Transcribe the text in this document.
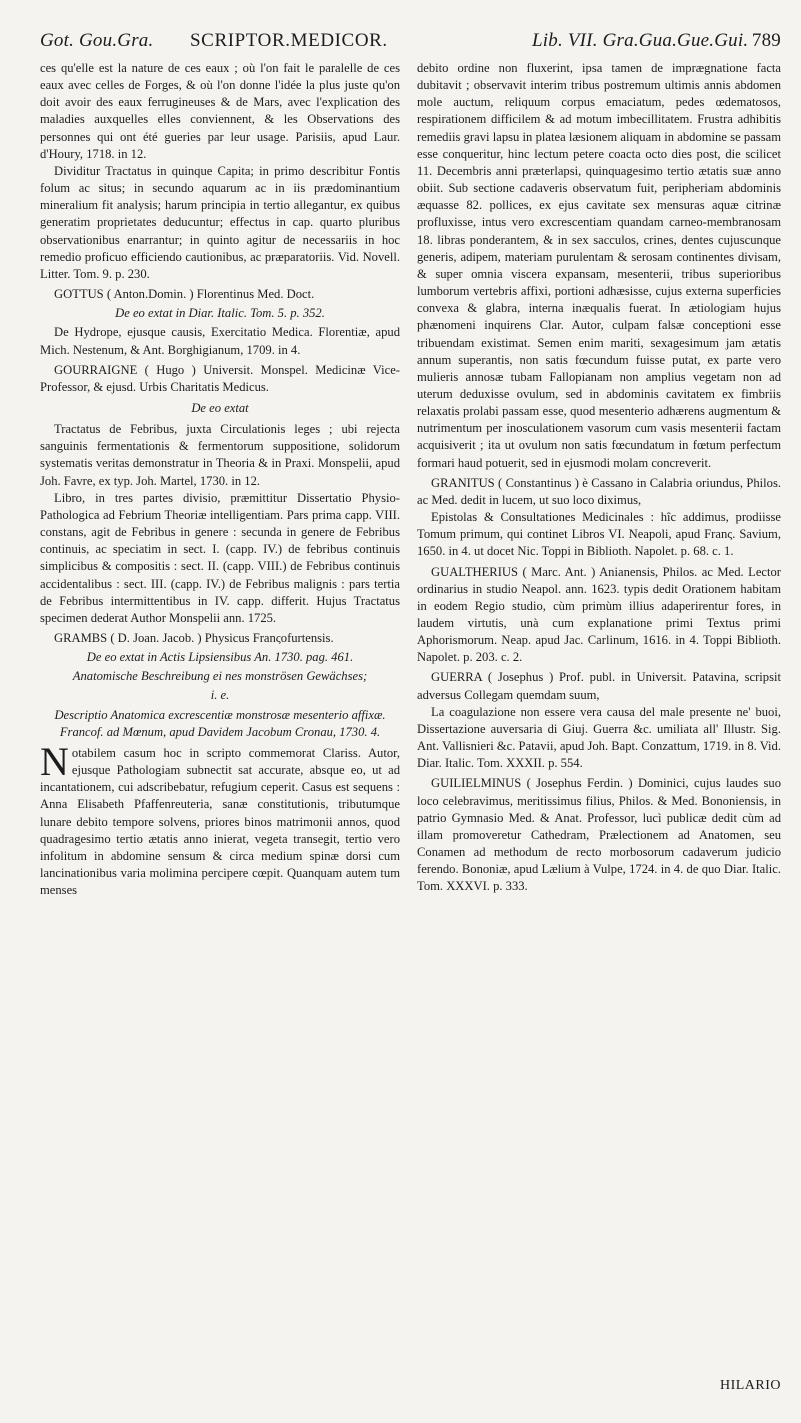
Got. Gou.Gra. SCRIPTOR.MEDICOR.	Lib. VII. Gra.Gua.Gue.Gui. 789

ces qu'elle est la nature de ces eaux ; où l'on fait le paralelle de ces eaux avec celles de Forges, & où l'on donne l'idée la plus juste qu'on doit avoir des eaux ferrugineuses & de Mars, avec l'explication des maladies auxquelles elles conviennent, & les Observations des personnes qui ont été gueries par leur usage. Parisiis, apud Laur. d'Houry, 1718. in 12.

Dividitur Tractatus in quinque Capita; in primo describitur Fontis folum ac situs; in secundo aquarum ac in iis prædominantium mineralium fit analysis; harum principia in tertio allegantur, ex quibus generatim proprietates deducuntur; effectus in cap. quarto pluribus observationibus enarrantur; in quinto agitur de necessariis in hoc remedio proficuo efficiendo cautionibus, ac præparatoriis. Vid. Novell. Litter. Tom. 9. p. 230.

GOTTUS ( Anton.Domin. ) Florentinus Med. Doct.

De eo extat in Diar. Italic. Tom. 5. p. 352.

De Hydrope, ejusque causis, Exercitatio Medica. Florentiæ, apud Mich. Nestenum, & Ant. Borghigianum, 1709. in 4.

GOURRAIGNE ( Hugo ) Universit. Monspel. Medicinæ Vice-Professor, & ejusd. Urbis Charitatis Medicus.

De eo extat

Tractatus de Febribus, juxta Circulationis leges ; ubi rejecta sanguinis fermentationis & fermentorum suppositione, solidorum systematis veritas demonstratur in Theoria & in Praxi. Monspelii, apud Joh. Favre, ex typ. Joh. Martel, 1730. in 12.

Libro, in tres partes divisio, præmittitur Dissertatio Physio-Pathologica ad Febrium Theoriæ intelligentiam. Pars prima capp. VIII. constans, agit de Febribus in genere : secunda in genere de Febribus continuis, ac speciatim in sect. I. (capp. IV.) de febribus continuis simplicibus & compositis : sect. II. (capp. VIII.) de Febribus continuis accidentalibus : sect. III. (capp. IV.) de Febribus malignis : pars tertia de Febribus intermittentibus in IV. capp. differit. Hujus Tractatus specimen dederat Author Monspelii ann. 1725.

GRAMBS ( D. Joan. Jacob. ) Physicus Franςofurtensis.

De eo extat in Actis Lipsiensibus An. 1730. pag. 461.

Anatomische Beschreibung ei nes monströsen Gewächses;

i. e.

Descriptio Anatomica excrescentiæ monstrosæ mesenterio affixæ. Francof. ad Mœnum, apud Davidem Jacobum Cronau, 1730. 4.

Notabilem casum hoc in scripto commemorat Clariss. Autor, ejusque Pathologiam subnectit sat accurate, absque eo, ut ad incantationem, cui adscribebatur, refugium ceperit. Casus est sequens : Anna Elisabeth Pfaffenreuteria, sanæ constitutionis, tributumque lunare debito tempore solvens, priores binos matrimonii annos, quod quadragesimo tertio ætatis anno inierat, vegeta transegit, tertio vero infolitum in abdomine sensum & circa medium spinæ dorsi cum lancinationibus varia molimina percipere cœpit. Quanquam autem tum menses

debito ordine non fluxerint, ipsa tamen de imprægnatione facta dubitavit ; observavit interim tribus postremum ultimis annis abdomen mole auctum, reliquum corpus emaciatum, pedes œdematosos, respirationem difficilem & ad motum imbecillitatem. Frustra adhibitis remediis gravi lapsu in platea læsionem aliquam in abdomine se passam esse conqueritur, hinc lectum petere coacta octo dies post, die scilicet 11. Decembris anni præterlapsi, quinquagesimo tertio ætatis suæ anno obiit. Sub sectione cadaveris observatum fuit, peripheriam abdominis æquasse 82. pollices, ex ejus cavitate sex mensuras aquæ citrinæ profluxisse, intus vero excrescentiam quandam carneo-membranosam 18. libras ponderantem, & in sex sacculos, crines, dentes cujuscunque generis, adipem, materiam purulentam & serosam continentes divisam, & super omnia viscera expansam, mesenterii, tribus superioribus lumborum vertebris affixi, portioni adhæsisse, cujus externa superficies convexa & glabra, interna inæqualis fuerat. In ætiologiam hujus phænomeni inquirens Clar. Autor, culpam falsæ conceptioni esse tribuendam existimat. Semen enim mariti, sexagesimum jam ætatis annum superantis, non satis fœcundum fuisse putat, ex parte vero mulieris annosæ tubam Fallopianam non amplius vegetam non ad uterum deduxisse ovulum, sed in abdominis cavitatem ex fimbriis relaxatis prolabi passam esse, quod mesenterio adhærens augmentum & nutrimentum per inosculationem vasorum cum vasis mesenterii factam acquisiverit ; ita ut ovulum non satis fœcundatum in fœtum perfectum formari haud potuerit, sed in ejusmodi molam concreverit.

GRANITUS ( Constantinus ) è Cassano in Calabria oriundus, Philos. ac Med. dedit in lucem, ut suo loco diximus,

Epistolas & Consultationes Medicinales : hîc addimus, prodiisse Tomum primum, qui continet Libros VI. Neapoli, apud Franς. Savium, 1650. in 4. ut docet Nic. Toppi in Biblioth. Napolet. p. 68. c. 1.

GUALTHERIUS ( Marc. Ant. ) Anianensis, Philos. ac Med. Lector ordinarius in studio Neapol. ann. 1623. typis dedit Orationem habitam in eodem Regio studio, cùm primùm illius adaperirentur fores, in laudem virtutis, unà cum explanatione primi Textus primi Aphorismorum. Neap. apud Jac. Carlinum, 1616. in 4. Toppi Biblioth. Napolet. p. 203. c. 2.

GUERRA ( Josephus ) Prof. publ. in Universit. Patavina, scripsit adversus Collegam quemdam suum,

La coagulazione non essere vera causa del male presente ne' buoi, Dissertazione auversaria di Giuj. Guerra &c. umiliata all' Illustr. Sig. Ant. Vallisnieri &c. Patavii, apud Joh. Bapt. Conzattum, 1719. in 8. Vid. Diar. Italic. Tom. XXXII. p. 554.

GUILIELMINUS ( Josephus Ferdin. ) Dominici, cujus laudes suo loco celebravimus, meritissimus filius, Philos. & Med. Bononiensis, in patrio Gymnasio Med. & Anat. Professor, lucì publicæ dedit cùm ad illam promoveretur Cathedram, Prælectionem ad Anatomen, seu Conamen ad methodum de recto morbosorum cadaverum judicio ferendo. Bononiæ, apud Lælium à Vulpe, 1724. in 4. de quo Diar. Italic. Tom. XXXVI. p. 333.

HILARIO
